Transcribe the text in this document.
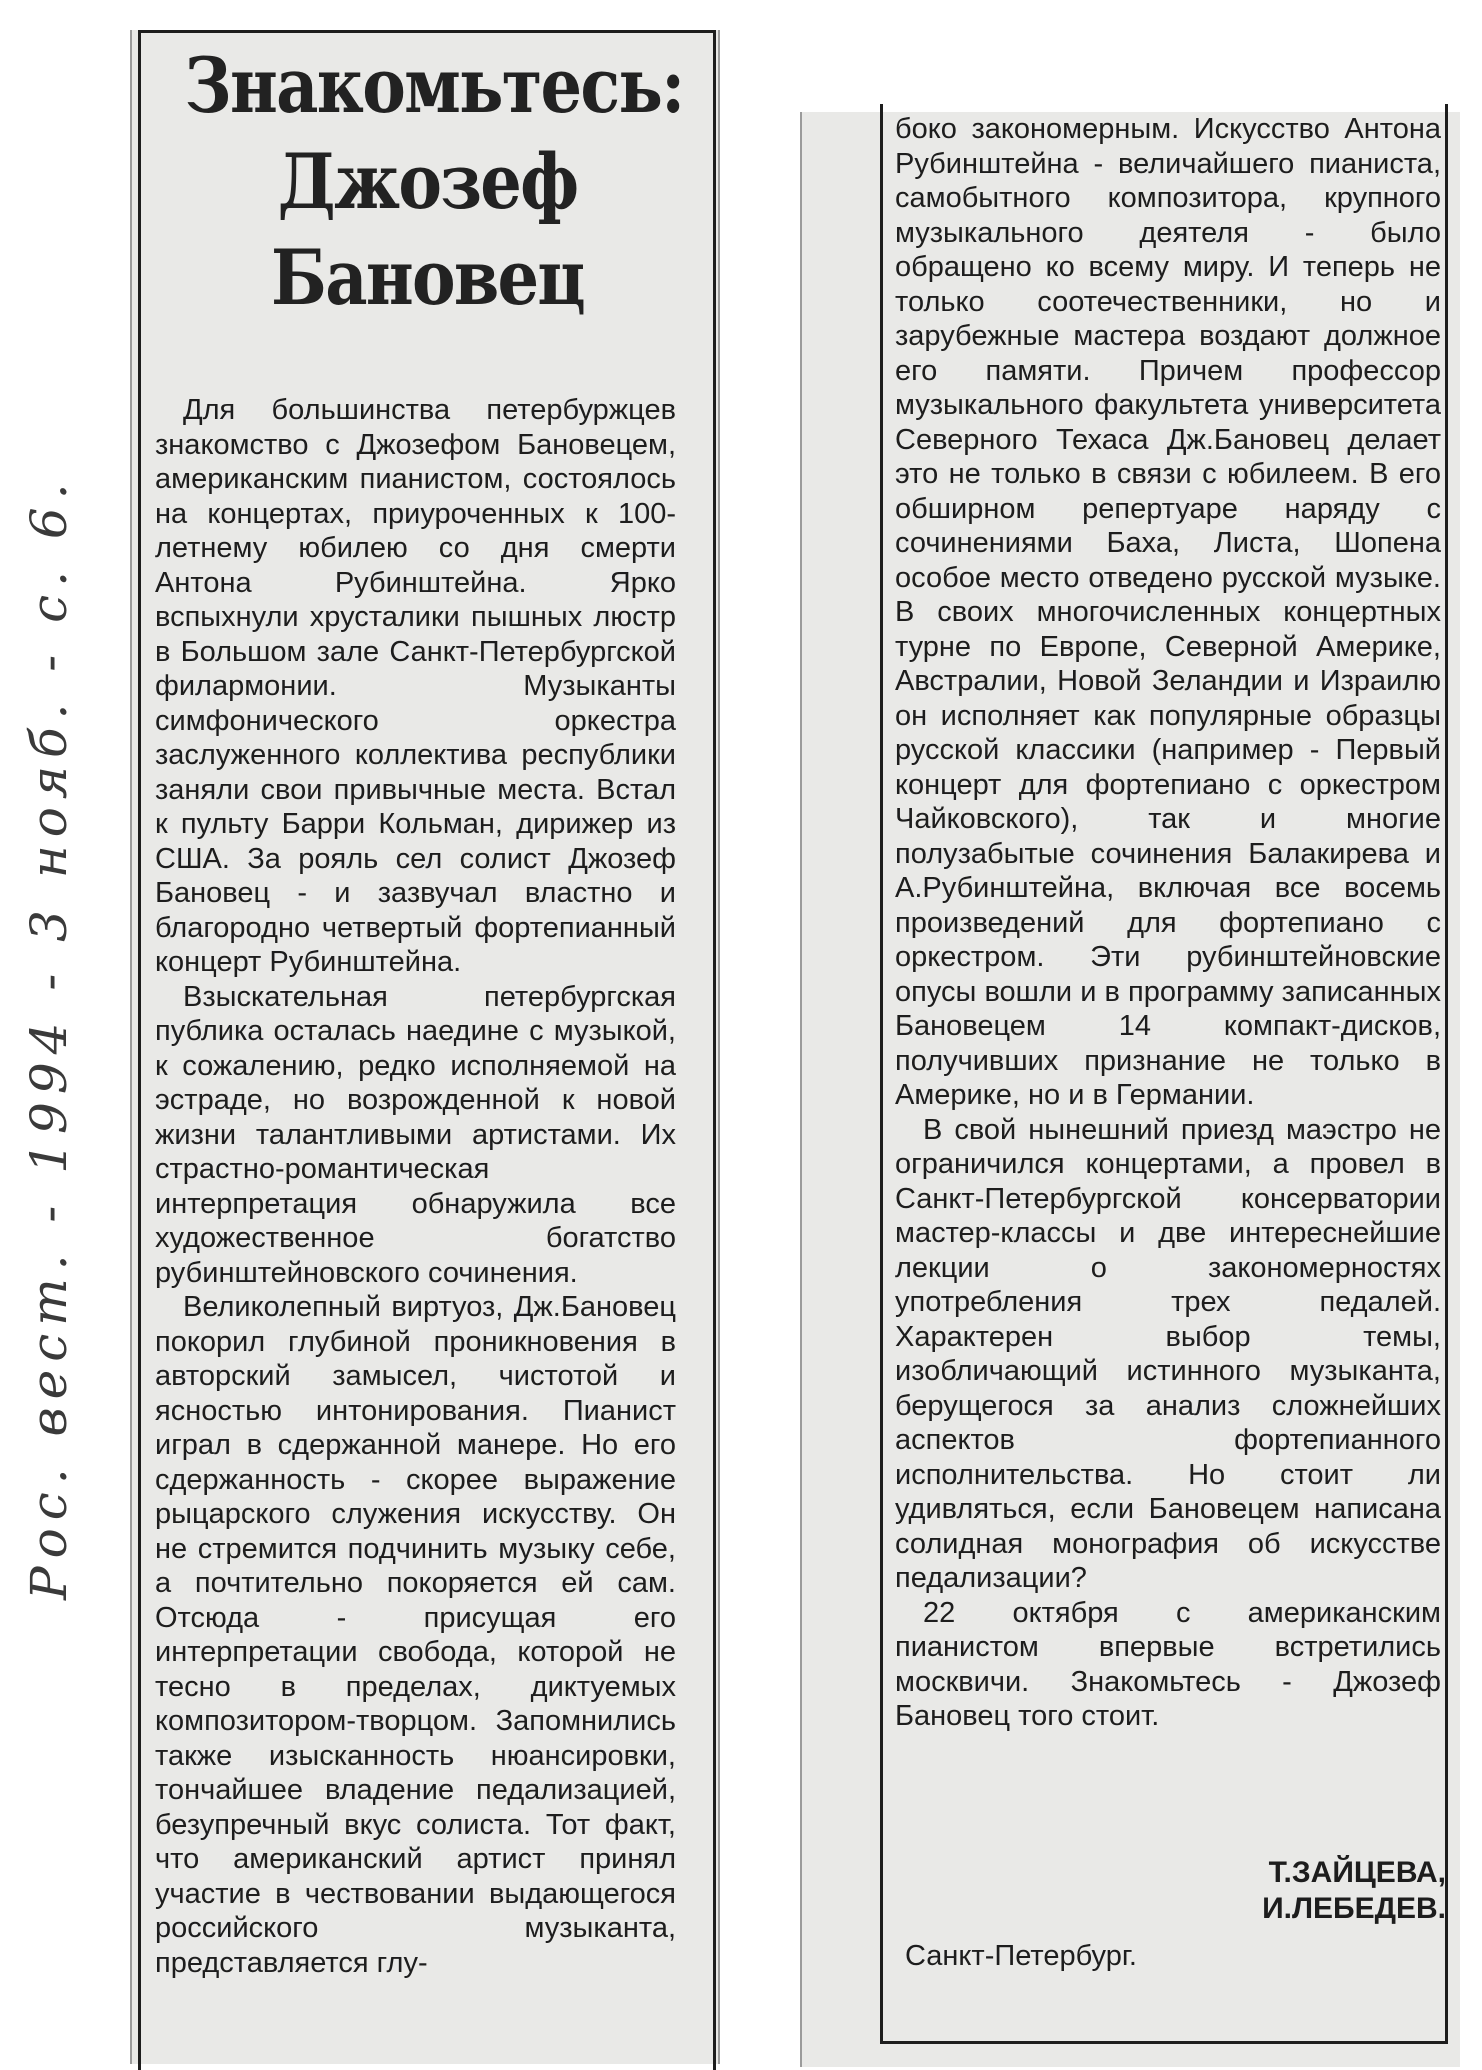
Рос. вест. - 1994 - 3 нояб. - с. 6.
Знакомьтесь:
Джозеф
Бановец

Для большинства петербуржцев знакомство с Джозефом Бановецем, американским пианистом, состоялось на концертах, приуроченных к 100-летнему юбилею со дня смерти Антона Рубинштейна. Ярко вспыхнули хрусталики пышных люстр в Большом зале Санкт-Петербургской филармонии. Музыканты симфонического оркестра заслуженного коллектива республики заняли свои привычные места. Встал к пульту Барри Кольман, дирижер из США. За рояль сел солист Джозеф Бановец - и зазвучал властно и благородно четвертый фортепианный концерт Рубинштейна.

Взыскательная петербургская публика осталась наедине с музыкой, к сожалению, редко исполняемой на эстраде, но возрожденной к новой жизни талантливыми артистами. Их страстно-романтическая интерпретация обнаружила все художественное богатство рубинштейновского сочинения.

Великолепный виртуоз, Дж.Бановец покорил глубиной проникновения в авторский замысел, чистотой и ясностью интонирования. Пианист играл в сдержанной манере. Но его сдержанность - скорее выражение рыцарского служения искусству. Он не стремится подчинить музыку себе, а почтительно покоряется ей сам. Отсюда - присущая его интерпретации свобода, которой не тесно в пределах, диктуемых композитором-творцом. Запомнились также изысканность нюансировки, тончайшее владение педализацией, безупречный вкус солиста. Тот факт, что американский артист принял участие в чествовании выдающегося российского музыканта, представляется глу-

боко закономерным. Искусство Антона Рубинштейна - величайшего пианиста, самобытного композитора, крупного музыкального деятеля - было обращено ко всему миру. И теперь не только соотечественники, но и зарубежные мастера воздают должное его памяти. Причем профессор музыкального факультета университета Северного Техаса Дж.Бановец делает это не только в связи с юбилеем. В его обширном репертуаре наряду с сочинениями Баха, Листа, Шопена особое место отведено русской музыке. В своих многочисленных концертных турне по Европе, Северной Америке, Австралии, Новой Зеландии и Израилю он исполняет как популярные образцы русской классики (например - Первый концерт для фортепиано с оркестром Чайковского), так и многие полузабытые сочинения Балакирева и А.Рубинштейна, включая все восемь произведений для фортепиано с оркестром. Эти рубинштейновские опусы вошли и в программу записанных Бановецем 14 компакт-дисков, получивших признание не только в Америке, но и в Германии.

В свой нынешний приезд маэстро не ограничился концертами, а провел в Санкт-Петербургской консерватории мастер-классы и две интереснейшие лекции о закономерностях употребления трех педалей. Характерен выбор темы, изобличающий истинного музыканта, берущегося за анализ сложнейших аспектов фортепианного исполнительства. Но стоит ли удивляться, если Бановецем написана солидная монография об искусстве педализации?

22 октября с американским пианистом впервые встретились москвичи. Знакомьтесь - Джозеф Бановец того стоит.

Т.ЗАЙЦЕВА,
И.ЛЕБЕДЕВ.
Санкт-Петербург.
